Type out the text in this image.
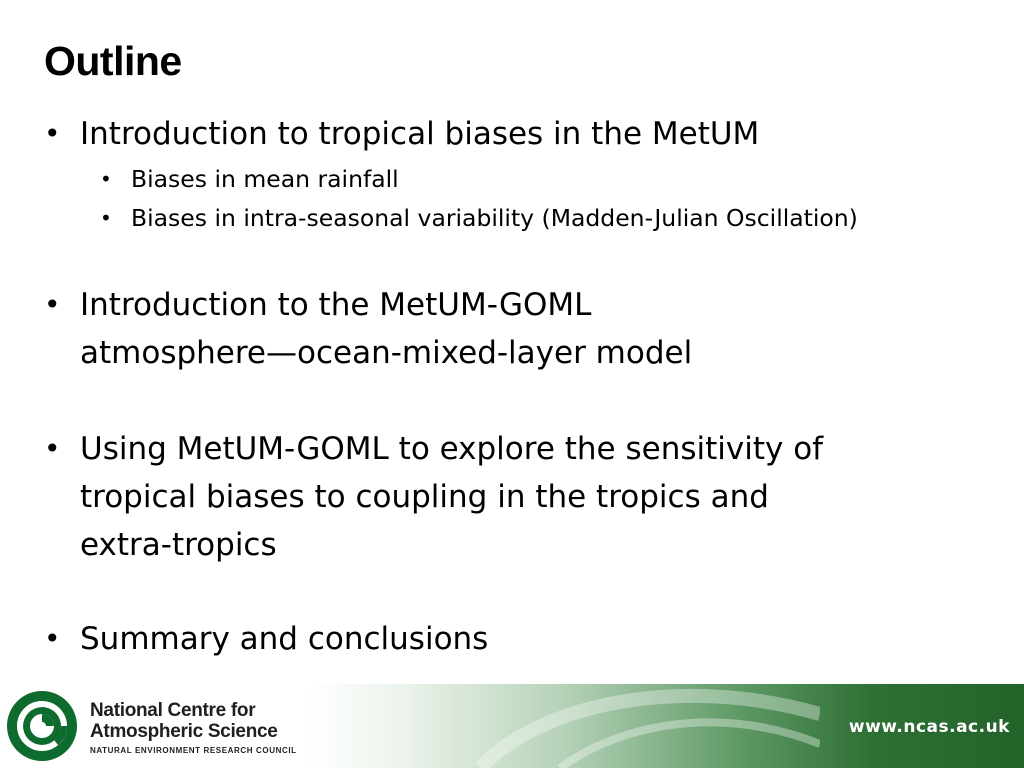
Outline
• Introduction to tropical biases in the MetUM
• Biases in mean rainfall
• Biases in intra-seasonal variability (Madden-Julian Oscillation)
• Introduction to the MetUM-GOML
atmosphere—ocean-mixed-layer model
• Using MetUM-GOML to explore the sensitivity of
tropical biases to coupling in the tropics and
extra-tropics
• Summary and conclusions
National Centre for
Atmospheric Science
NATURAL ENVIRONMENT RESEARCH COUNCIL
www.ncas.ac.uk
